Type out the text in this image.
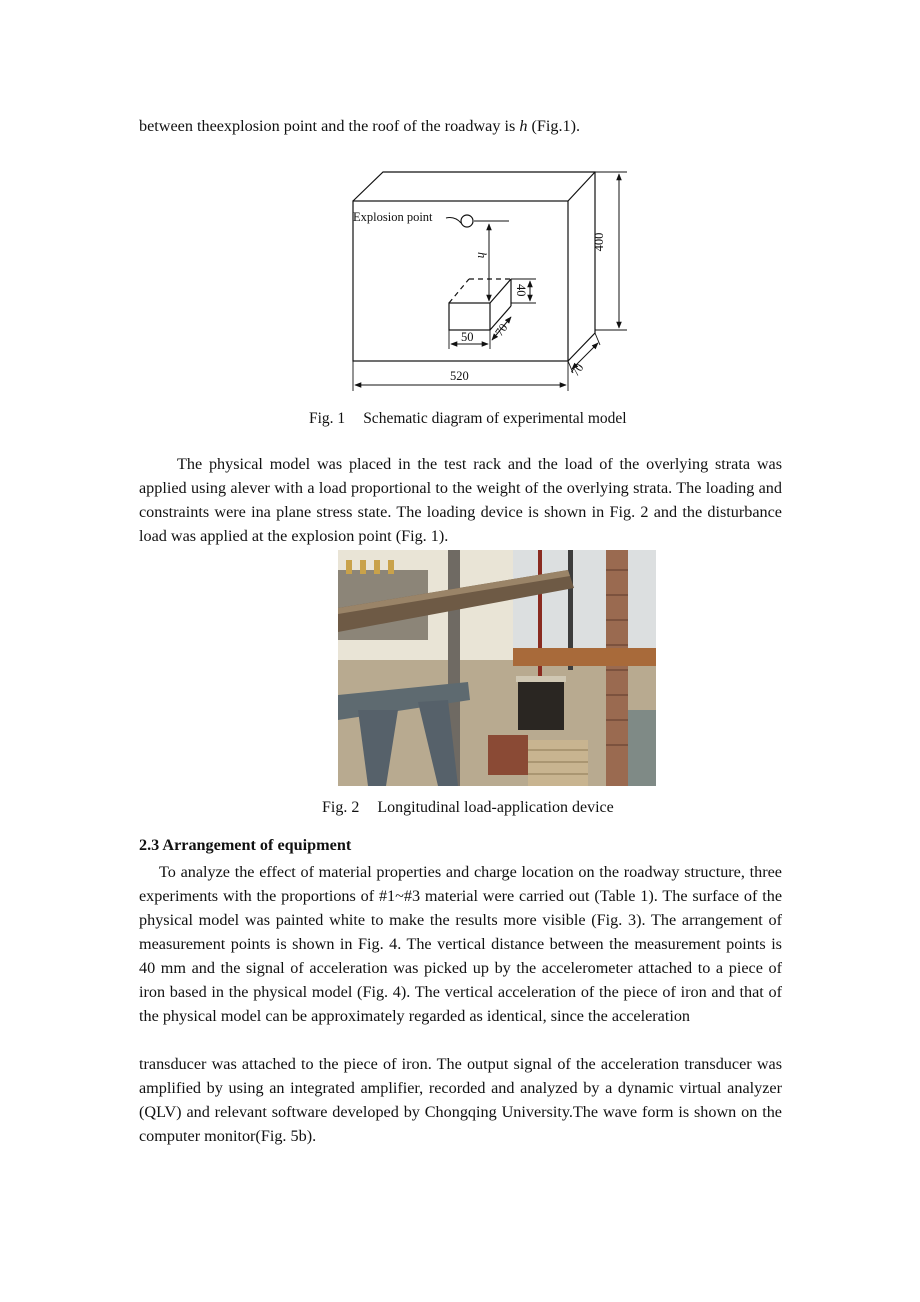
between theexplosion point and the roof of the roadway is h (Fig.1).

Explosion point
h
40
70
50
400
520	70
Fig. 1 Schematic diagram of experimental model

The physical model was placed in the test rack and the load of the overlying strata was applied using alever with a load proportional to the weight of the overlying strata. The loading and constraints were ina plane stress state. The loading device is shown in Fig. 2 and the disturbance load was applied at the explosion point (Fig. 1).

Fig. 2 Longitudinal load-application device

2.3 Arrangement of equipment

To analyze the effect of material properties and charge location on the roadway structure, three experiments with the proportions of #1~#3 material were carried out (Table 1). The surface of the physical model was painted white to make the results more visible (Fig. 3). The arrangement of measurement points is shown in Fig. 4. The vertical distance between the measurement points is 40 mm and the signal of acceleration was picked up by the accelerometer attached to a piece of iron based in the physical model (Fig. 4). The vertical acceleration of the piece of iron and that of the physical model can be approximately regarded as identical, since the acceleration

transducer was attached to the piece of iron. The output signal of the acceleration transducer was amplified by using an integrated amplifier, recorded and analyzed by a dynamic virtual analyzer (QLV) and relevant software developed by Chongqing University.The wave form is shown on the computer monitor(Fig. 5b).
